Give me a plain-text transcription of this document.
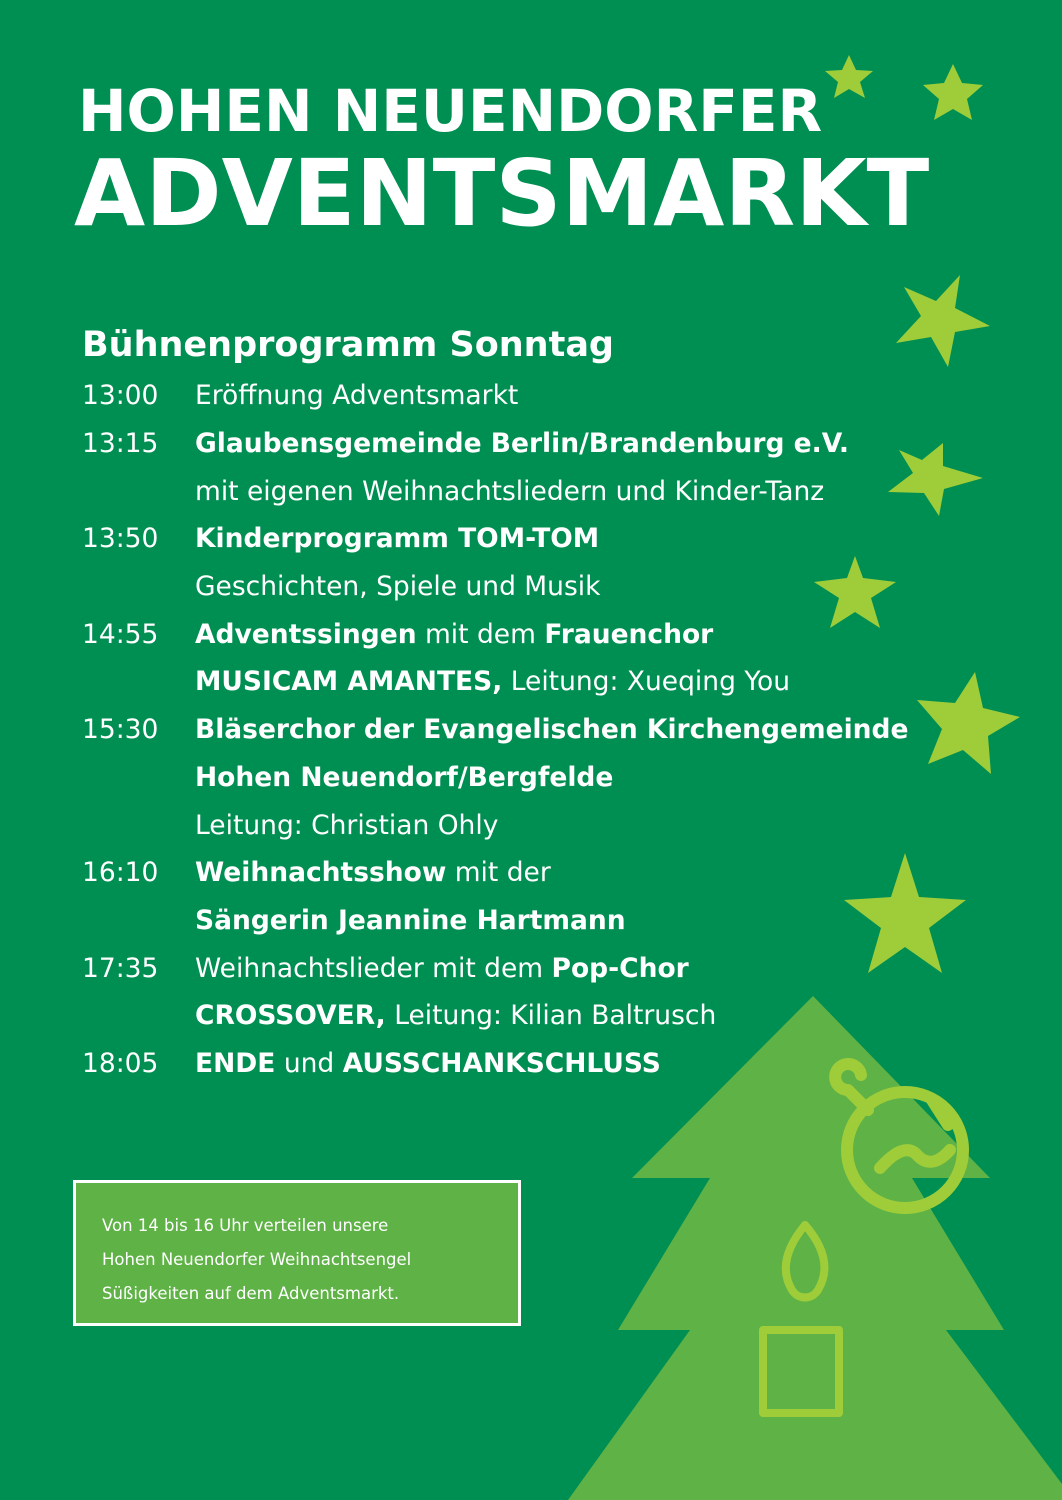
HOHEN NEUENDORFER
ADVENTSMARKT
Bühnenprogramm Sonntag
13:00	Eröffnung Adventsmarkt
13:15	Glaubensgemeinde Berlin/Brandenburg e.V.
mit eigenen Weihnachtsliedern und Kinder-Tanz
13:50	Kinderprogramm TOM-TOM
Geschichten, Spiele und Musik
14:55	Adventssingen mit dem Frauenchor
MUSICAM AMANTES, Leitung: Xueqing You
15:30	Bläserchor der Evangelischen Kirchengemeinde
Hohen Neuendorf/Bergfelde
Leitung: Christian Ohly
16:10	Weihnachtsshow mit der
Sängerin Jeannine Hartmann
17:35	Weihnachtslieder mit dem Pop-Chor
CROSSOVER, Leitung: Kilian Baltrusch
18:05	ENDE und AUSSCHANKSCHLUSS
Von 14 bis 16 Uhr verteilen unsere
Hohen Neuendorfer Weihnachtsengel
Süßigkeiten auf dem Adventsmarkt.
